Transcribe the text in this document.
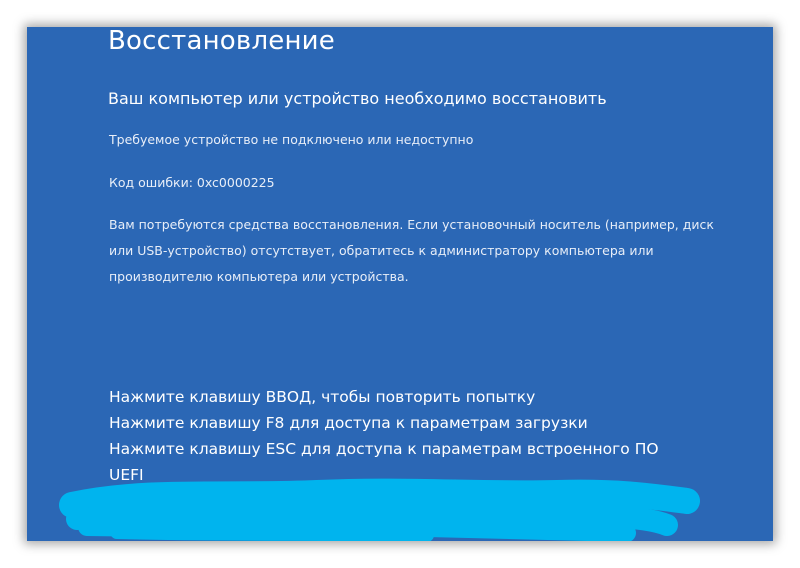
Восстановление

Ваш компьютер или устройство необходимо восстановить

Требуемое устройство не подключено или недоступно

Код ошибки: 0xc0000225

Вам потребуются средства восстановления. Если установочный носитель (например, диск
или USB-устройство) отсутствует, обратитесь к администратору компьютера или
производителю компьютера или устройства.
Нажмите клавишу ВВОД, чтобы повторить попытку
Нажмите клавишу F8 для доступа к параметрам загрузки
Нажмите клавишу ESC для доступа к параметрам встроенного ПО
UEFI
